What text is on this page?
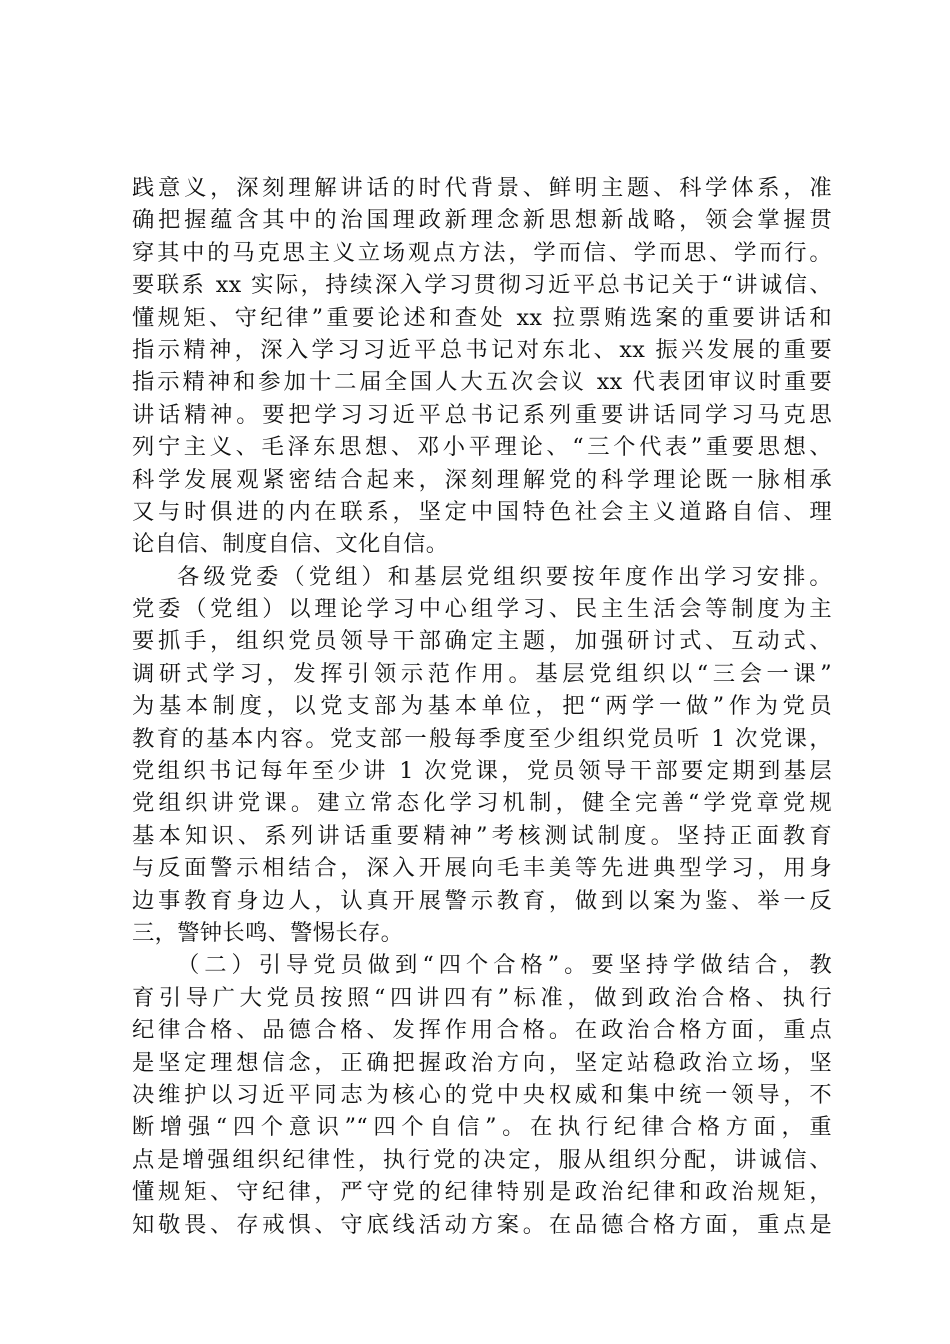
践意义，深刻理解讲话的时代背景、鲜明主题、科学体系，准
确把握蕴含其中的治国理政新理念新思想新战略，领会掌握贯
穿其中的马克思主义立场观点方法，学而信、学而思、学而行。
要联系 xx 实际，持续深入学习贯彻习近平总书记关于“讲诚信、
懂规矩、守纪律”重要论述和查处 xx 拉票贿选案的重要讲话和
指示精神，深入学习习近平总书记对东北、xx 振兴发展的重要
指示精神和参加十二届全国人大五次会议 xx 代表团审议时重要
讲话精神。要把学习习近平总书记系列重要讲话同学习马克思
列宁主义、毛泽东思想、邓小平理论、“三个代表”重要思想、
科学发展观紧密结合起来，深刻理解党的科学理论既一脉相承
又与时俱进的内在联系，坚定中国特色社会主义道路自信、理
论自信、制度自信、文化自信。
各级党委（党组）和基层党组织要按年度作出学习安排。
党委（党组）以理论学习中心组学习、民主生活会等制度为主
要抓手，组织党员领导干部确定主题，加强研讨式、互动式、
调研式学习，发挥引领示范作用。基层党组织以“三会一课”
为基本制度，以党支部为基本单位，把“两学一做”作为党员
教育的基本内容。党支部一般每季度至少组织党员听 1 次党课，
党组织书记每年至少讲 1 次党课，党员领导干部要定期到基层
党组织讲党课。建立常态化学习机制，健全完善“学党章党规
基本知识、系列讲话重要精神”考核测试制度。坚持正面教育
与反面警示相结合，深入开展向毛丰美等先进典型学习，用身
边事教育身边人，认真开展警示教育，做到以案为鉴、举一反
三，警钟长鸣、警惕长存。
（二）引导党员做到“四个合格”。要坚持学做结合，教
育引导广大党员按照“四讲四有”标准，做到政治合格、执行
纪律合格、品德合格、发挥作用合格。在政治合格方面，重点
是坚定理想信念，正确把握政治方向，坚定站稳政治立场，坚
决维护以习近平同志为核心的党中央权威和集中统一领导，不
断增强“四个意识”“四个自信”。在执行纪律合格方面，重
点是增强组织纪律性，执行党的决定，服从组织分配，讲诚信、
懂规矩、守纪律，严守党的纪律特别是政治纪律和政治规矩，
知敬畏、存戒惧、守底线活动方案。在品德合格方面，重点是
